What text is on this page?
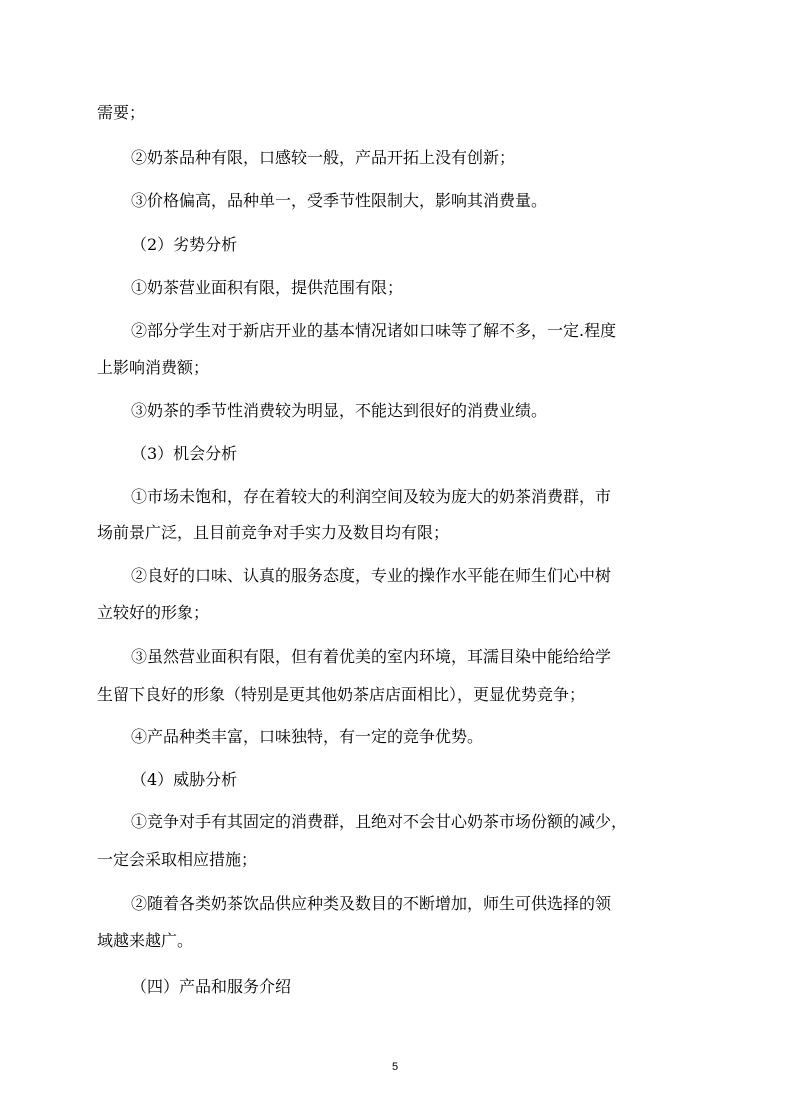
需要；
②奶茶品种有限，口感较一般，产品开拓上没有创新；
③价格偏高，品种单一，受季节性限制大，影响其消费量。
（2）劣势分析
①奶茶营业面积有限，提供范围有限；
②部分学生对于新店开业的基本情况诸如口味等了解不多，一定.程度
上影响消费额；
③奶茶的季节性消费较为明显，不能达到很好的消费业绩。
（3）机会分析
①市场未饱和，存在着较大的利润空间及较为庞大的奶茶消费群，市
场前景广泛，且目前竞争对手实力及数目均有限；
②良好的口味、认真的服务态度，专业的操作水平能在师生们心中树
立较好的形象；
③虽然营业面积有限，但有着优美的室内环境，耳濡目染中能给给学
生留下良好的形象（特别是更其他奶茶店店面相比），更显优势竞争；
④产品种类丰富，口味独特，有一定的竞争优势。
（4）威胁分析
①竞争对手有其固定的消费群，且绝对不会甘心奶茶市场份额的减少，
一定会采取相应措施；
②随着各类奶茶饮品供应种类及数目的不断增加，师生可供选择的领
域越来越广。
（四）产品和服务介绍
5
